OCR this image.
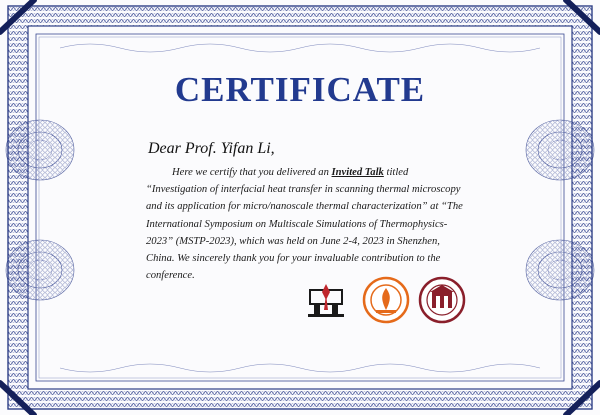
CERTIFICATE
Dear Prof. Yifan Li,

Here we certify that you delivered an Invited Talk titled “Investigation of interfacial heat transfer in scanning thermal microscopy and its application for micro/nanoscale thermal characterization” at “The International Symposium on Multiscale Simulations of Thermophysics-2023” (MSTP-2023), which was held on June 2-4, 2023 in Shenzhen, China. We sincerely thank you for your invaluable contribution to the conference.
